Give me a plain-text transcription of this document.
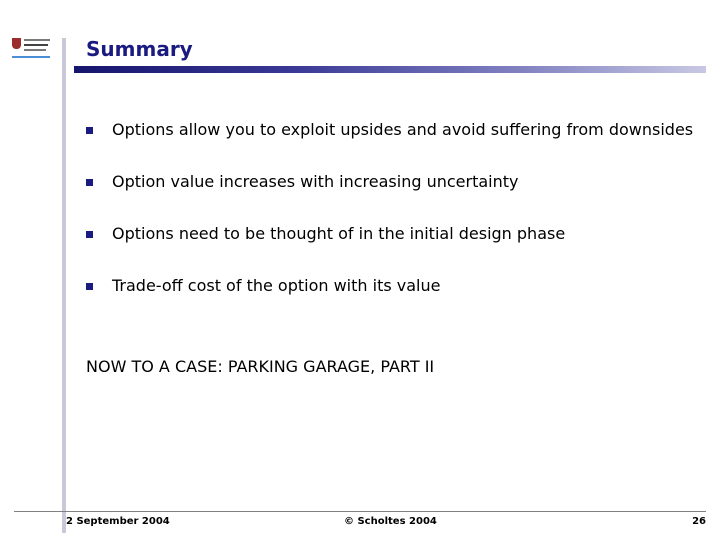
Summary
Options allow you to exploit upsides and avoid suffering from downsides
Option value increases with increasing uncertainty
Options need to be thought of in the initial design phase
Trade-off cost of the option with its value
NOW TO A CASE: PARKING GARAGE, PART II
2 September 2004	© Scholtes 2004	26
